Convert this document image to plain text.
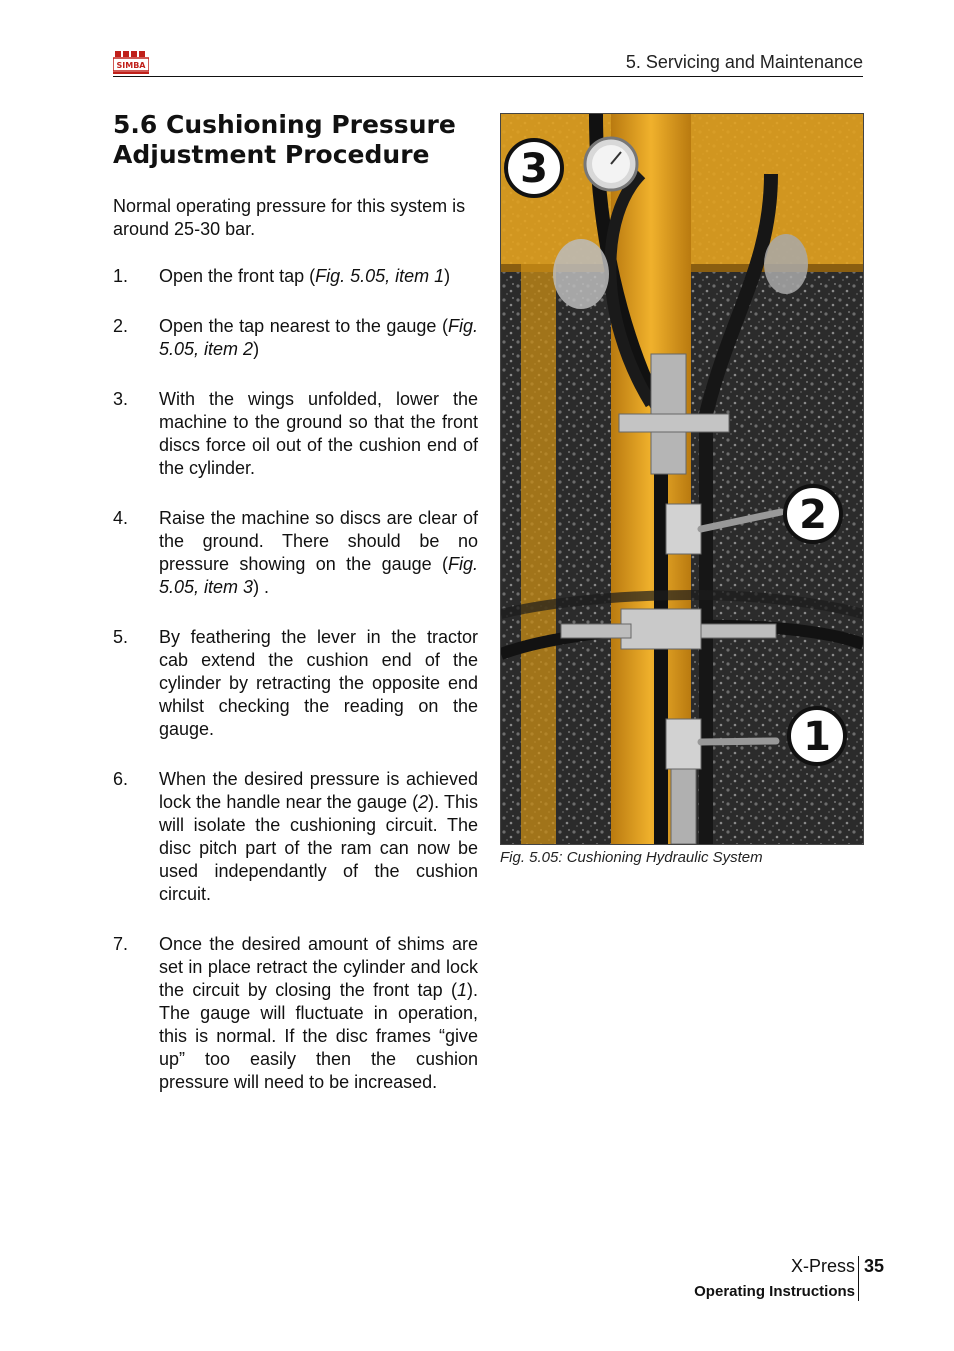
SIMBA	5. Servicing and Maintenance
5.6 Cushioning Pressure
Adjustment Procedure

Normal operating pressure for this system is around 25-30 bar.

1. Open the front tap (Fig. 5.05, item 1)
2. Open the tap nearest to the gauge (Fig. 5.05, item 2)
3. With the wings unfolded, lower the machine to the ground so that the front discs force oil out of the cushion end of the cylinder.
4. Raise the machine so discs are clear of the ground. There should be no pressure showing on the gauge (Fig. 5.05, item 3) .
5. By feathering the lever in the tractor cab extend the cushion end of the cylinder by retracting the opposite end whilst checking the reading on the gauge.
6. When the desired pressure is achieved lock the handle near the gauge (2). This will isolate the cushioning circuit. The disc pitch part of the ram can now be used independantly of the cushion circuit.
7. Once the desired amount of shims are set in place retract the cylinder and lock the circuit by closing the front tap (1). The gauge will fluctuate in operation, this is normal. If the disc frames “give up” too easily then the cushion pressure will need to be increased.
3
2
1
Fig. 5.05: Cushioning Hydraulic System
X-Press 35
Operating Instructions
